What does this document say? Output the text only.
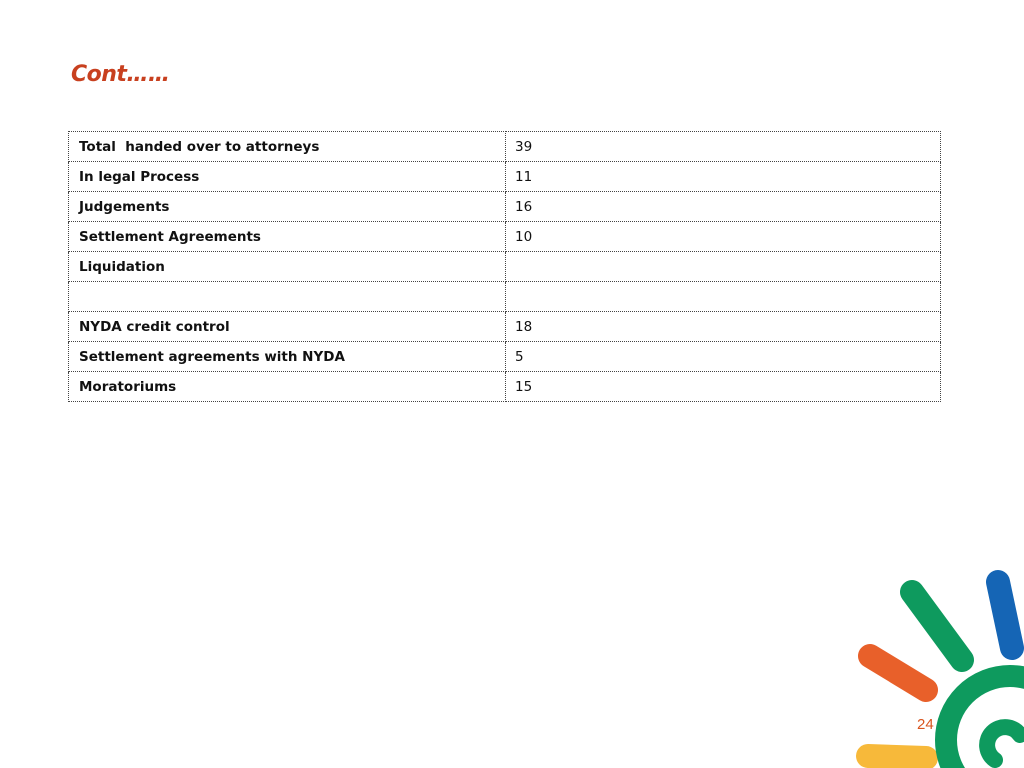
Cont……
Total  handed over to attorneys	39
In legal Process	11
Judgements	16
Settlement Agreements	10
Liquidation	

NYDA credit control	18
Settlement agreements with NYDA	5
Moratoriums	15
24
